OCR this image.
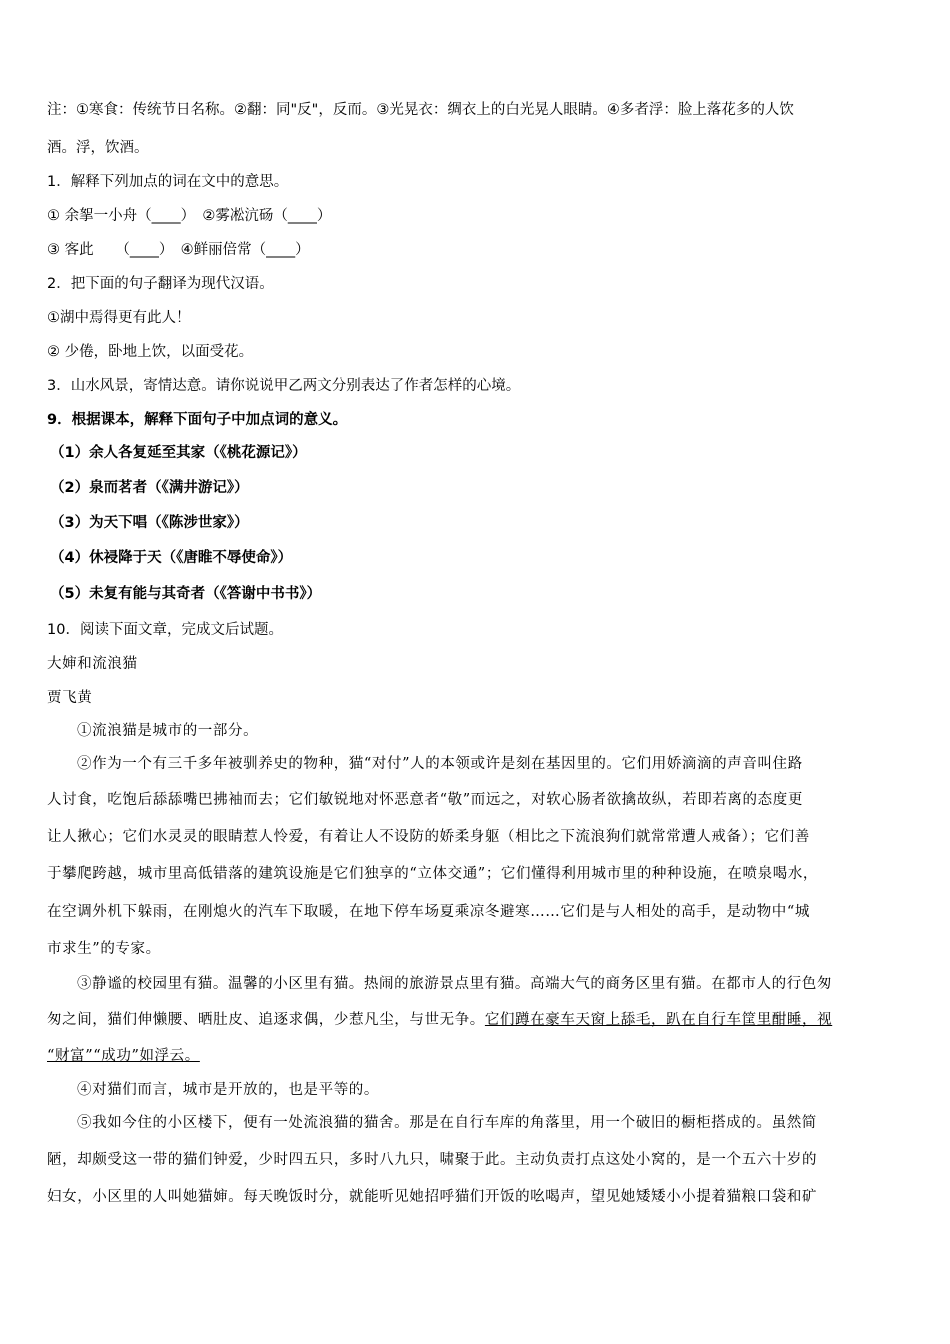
注：①寒食：传统节日名称。②翻：同"反"，反而。③光晃衣：绸衣上的白光晃人眼睛。④多者浮：脸上落花多的人饮
酒。浮，饮酒。
1．解释下列加点的词在文中的意思。
① 余挐一小舟（____）　②雾凇沆砀（____）
③ 客此　　（____）　④鲜丽倍常（____）
2．把下面的句子翻译为现代汉语。
①湖中焉得更有此人！
② 少倦，卧地上饮，以面受花。
3．山水风景，寄情达意。请你说说甲乙两文分别表达了作者怎样的心境。
9．根据课本，解释下面句子中加点词的意义。
（1）余人各复延至其家（《桃花源记》）
（2）泉而茗者（《满井游记》）
（3）为天下唱（《陈涉世家》）
（4）休祲降于天（《唐睢不辱使命》）
（5）未复有能与其奇者（《答谢中书书》）
10．阅读下面文章，完成文后试题。
大婶和流浪猫
贾飞黄
①流浪猫是城市的一部分。
②作为一个有三千多年被驯养史的物种，猫“对付”人的本领或许是刻在基因里的。它们用娇滴滴的声音叫住路
人讨食，吃饱后舔舔嘴巴拂袖而去；它们敏锐地对怀恶意者“敬”而远之，对软心肠者欲擒故纵，若即若离的态度更
让人揪心；它们水灵灵的眼睛惹人怜爱，有着让人不设防的娇柔身躯（相比之下流浪狗们就常常遭人戒备）；它们善
于攀爬跨越，城市里高低错落的建筑设施是它们独享的“立体交通”；它们懂得利用城市里的种种设施，在喷泉喝水，
在空调外机下躲雨，在刚熄火的汽车下取暖，在地下停车场夏乘凉冬避寒……它们是与人相处的高手，是动物中“城
市求生”的专家。
③静谧的校园里有猫。温馨的小区里有猫。热闹的旅游景点里有猫。高端大气的商务区里有猫。在都市人的行色匆
匆之间，猫们伸懒腰、晒肚皮、追逐求偶，少惹凡尘，与世无争。它们蹲在豪车天窗上舔毛，趴在自行车筐里酣睡，视
“财富”“成功”如浮云。
④对猫们而言，城市是开放的，也是平等的。
⑤我如今住的小区楼下，便有一处流浪猫的猫舍。那是在自行车库的角落里，用一个破旧的橱柜搭成的。虽然简
陋，却颇受这一带的猫们钟爱，少时四五只，多时八九只，啸聚于此。主动负责打点这处小窝的，是一个五六十岁的
妇女，小区里的人叫她猫婶。每天晚饭时分，就能听见她招呼猫们开饭的吆喝声，望见她矮矮小小提着猫粮口袋和矿
